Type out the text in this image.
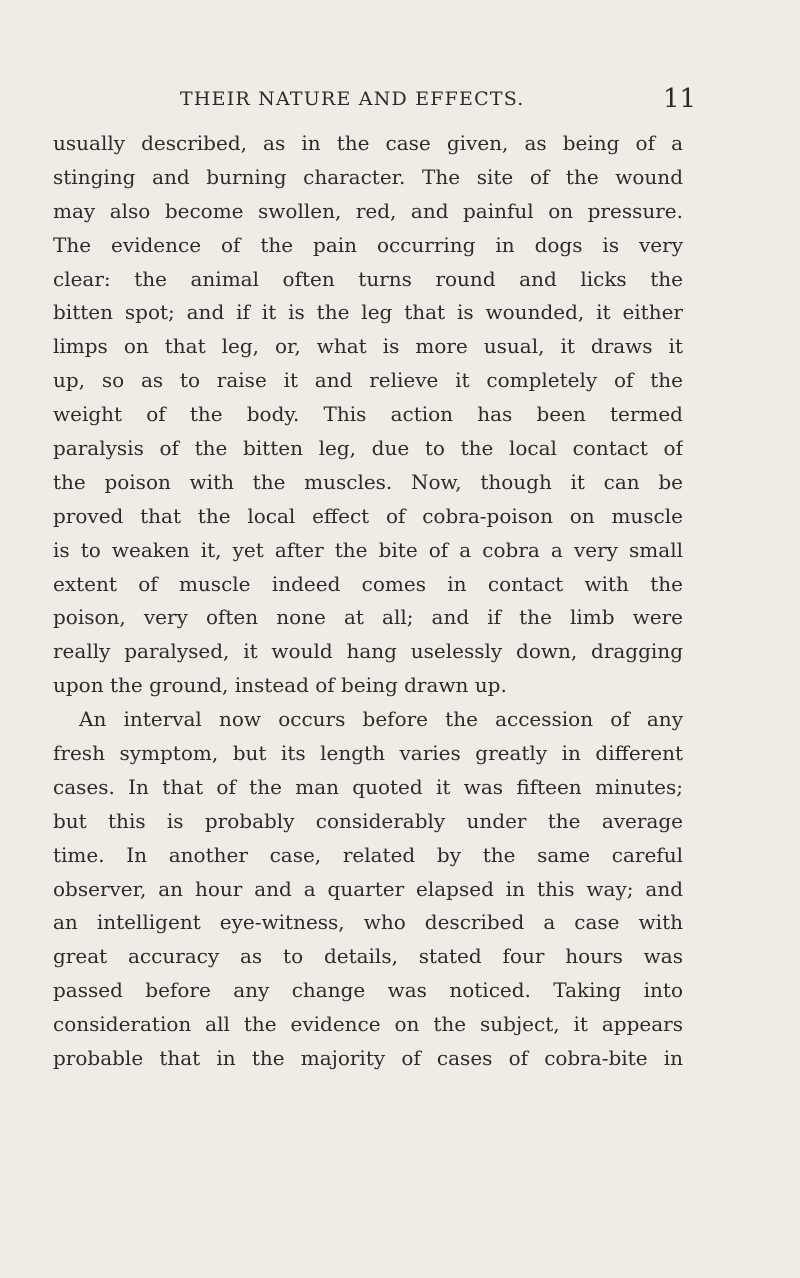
THEIR NATURE AND EFFECTS.	11
usually described, as in the case given, as being of a
stinging and burning character. The site of the wound
may also become swollen, red, and painful on pressure.
The evidence of the pain occurring in dogs is very
clear: the animal often turns round and licks the
bitten spot; and if it is the leg that is wounded, it either
limps on that leg, or, what is more usual, it draws it
up, so as to raise it and relieve it completely of the
weight of the body. This action has been termed
paralysis of the bitten leg, due to the local contact of
the poison with the muscles. Now, though it can be
proved that the local effect of cobra-poison on muscle
is to weaken it, yet after the bite of a cobra a very small
extent of muscle indeed comes in contact with the
poison, very often none at all; and if the limb were
really paralysed, it would hang uselessly down, dragging
upon the ground, instead of being drawn up.
An interval now occurs before the accession of any
fresh symptom, but its length varies greatly in different
cases. In that of the man quoted it was fifteen minutes;
but this is probably considerably under the average
time. In another case, related by the same careful
observer, an hour and a quarter elapsed in this way; and
an intelligent eye-witness, who described a case with
great accuracy as to details, stated four hours was
passed before any change was noticed. Taking into
consideration all the evidence on the subject, it appears
probable that in the majority of cases of cobra-bite in
